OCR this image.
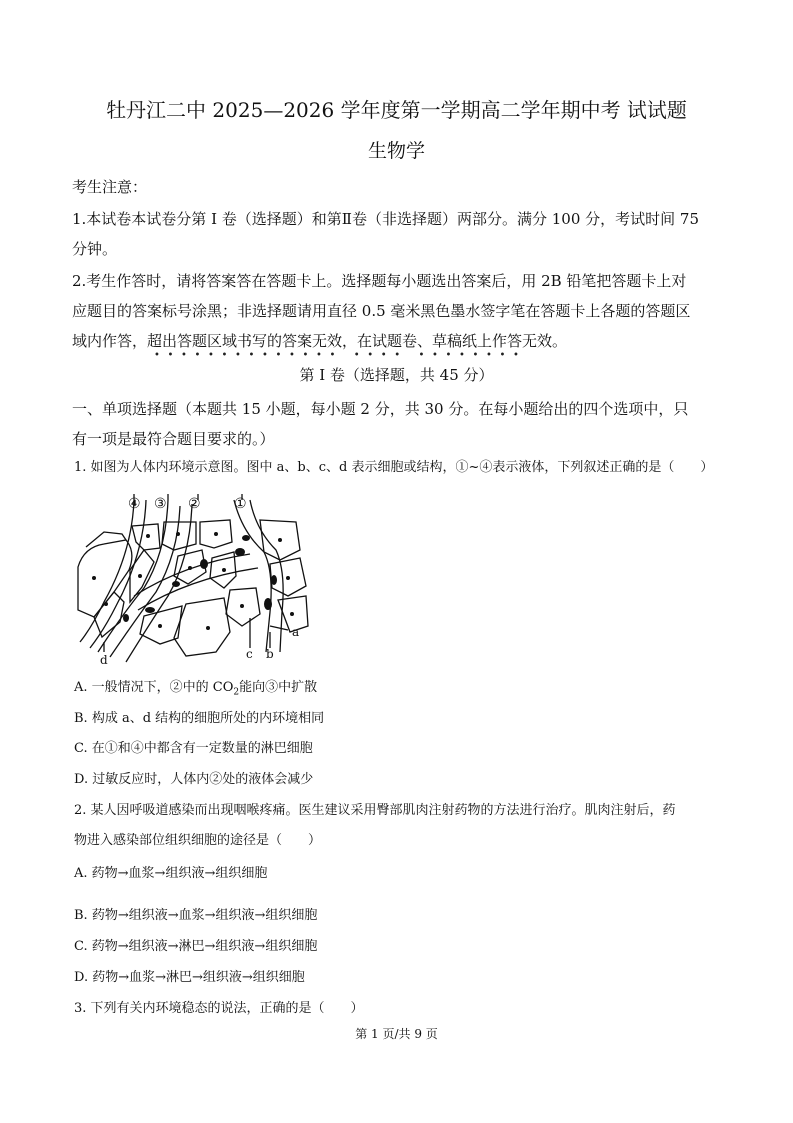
牡丹江二中 2025—2026 学年度第一学期高二学年期中考 试试题
生物学
考生注意：
1.本试卷本试卷分第 I 卷（选择题）和第Ⅱ卷（非选择题）两部分。满分 100 分，考试时间 75
分钟。
2.考生作答时，请将答案答在答题卡上。选择题每小题选出答案后，用 2B 铅笔把答题卡上对
应题目的答案标号涂黑；非选择题请用直径 0.5 毫米黑色墨水签字笔在答题卡上各题的答题区
域内作答，超出答题区域书写的答案无效，在试题卷、草稿纸上作答无效。
•••••••••••••• •••• ••••••••
第 I 卷（选择题，共 45 分）
一、单项选择题（本题共 15 小题，每小题 2 分，共 30 分。在每小题给出的四个选项中，只
有一项是最符合题目要求的。）
1. 如图为人体内环境示意图。图中 a、b、c、d 表示细胞或结构，①~④表示液体，下列叙述正确的是（　　）
④ ③ ② ①
a
b
c
d
A. 一般情况下，②中的 $CO_2$能向③中扩散
B. 构成 a、d 结构的细胞所处的内环境相同
C. 在①和④中都含有一定数量的淋巴细胞
D. 过敏反应时，人体内②处的液体会减少
2. 某人因呼吸道感染而出现咽喉疼痛。医生建议采用臀部肌肉注射药物的方法进行治疗。肌肉注射后，药
物进入感染部位组织细胞的途径是（　　）
A. 药物→血浆→组织液→组织细胞
B. 药物→组织液→血浆→组织液→组织细胞
C. 药物→组织液→淋巴→组织液→组织细胞
D. 药物→血浆→淋巴→组织液→组织细胞
3. 下列有关内环境稳态的说法，正确的是（　　）
第 1 页/共 9 页
